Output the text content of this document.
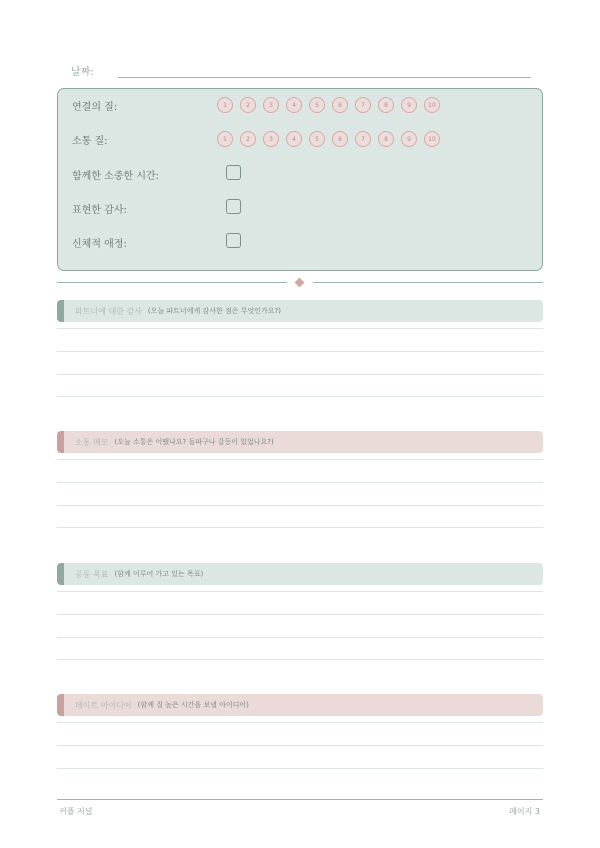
날짜:
연결의 질:	1	2	3	4	5	6	7	8	9	10
소통 질:	1	2	3	4	5	6	7	8	9	10
함께한 소중한 시간:
표현한 감사:
신체적 애정:
파트너에 대한 감사 (오늘 파트너에게 감사한 점은 무엇인가요?)
소통 메모 (오늘 소통은 어땠나요? 돌파구나 갈등이 있었나요?)
공동 목표 (함께 이루어 가고 있는 목표)
데이트 아이디어 (함께 질 높은 시간을 보낼 아이디어)
커플 저널	페이지 3
